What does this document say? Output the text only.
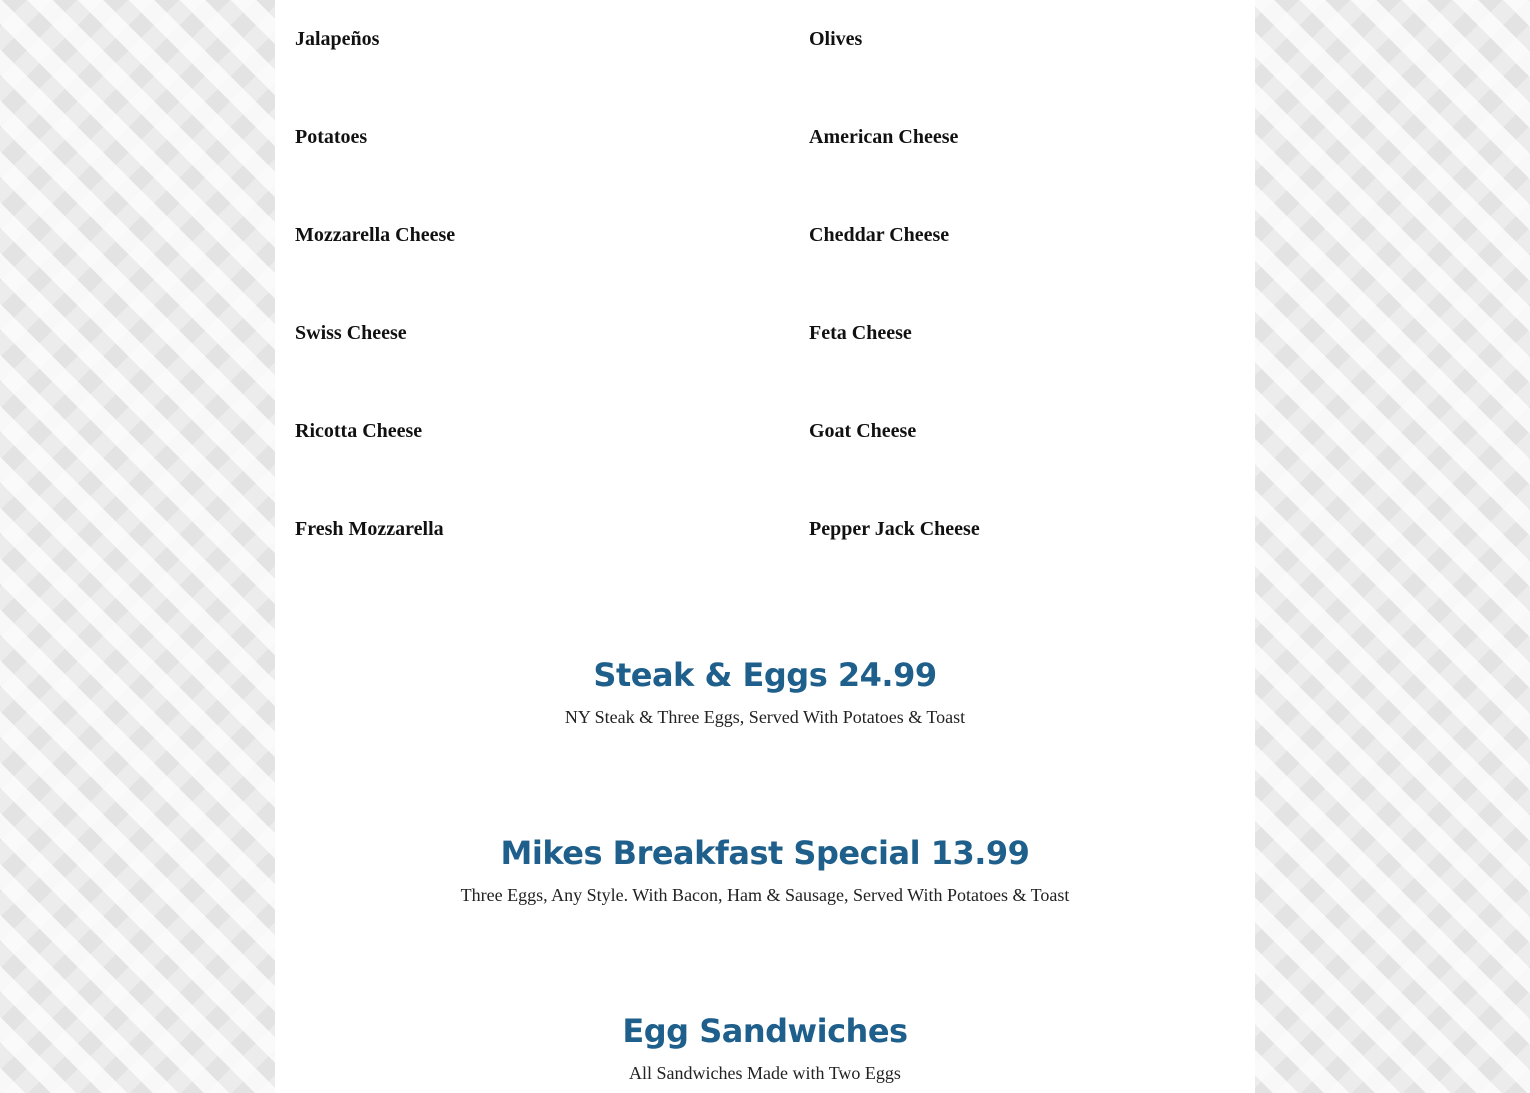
Jalapeños	Olives
Potatoes	American Cheese
Mozzarella Cheese	Cheddar Cheese
Swiss Cheese	Feta Cheese
Ricotta Cheese	Goat Cheese
Fresh Mozzarella	Pepper Jack Cheese
Steak & Eggs 24.99

NY Steak & Three Eggs, Served With Potatoes & Toast

Mikes Breakfast Special 13.99

Three Eggs, Any Style. With Bacon, Ham & Sausage, Served With Potatoes & Toast

Egg Sandwiches

All Sandwiches Made with Two Eggs
